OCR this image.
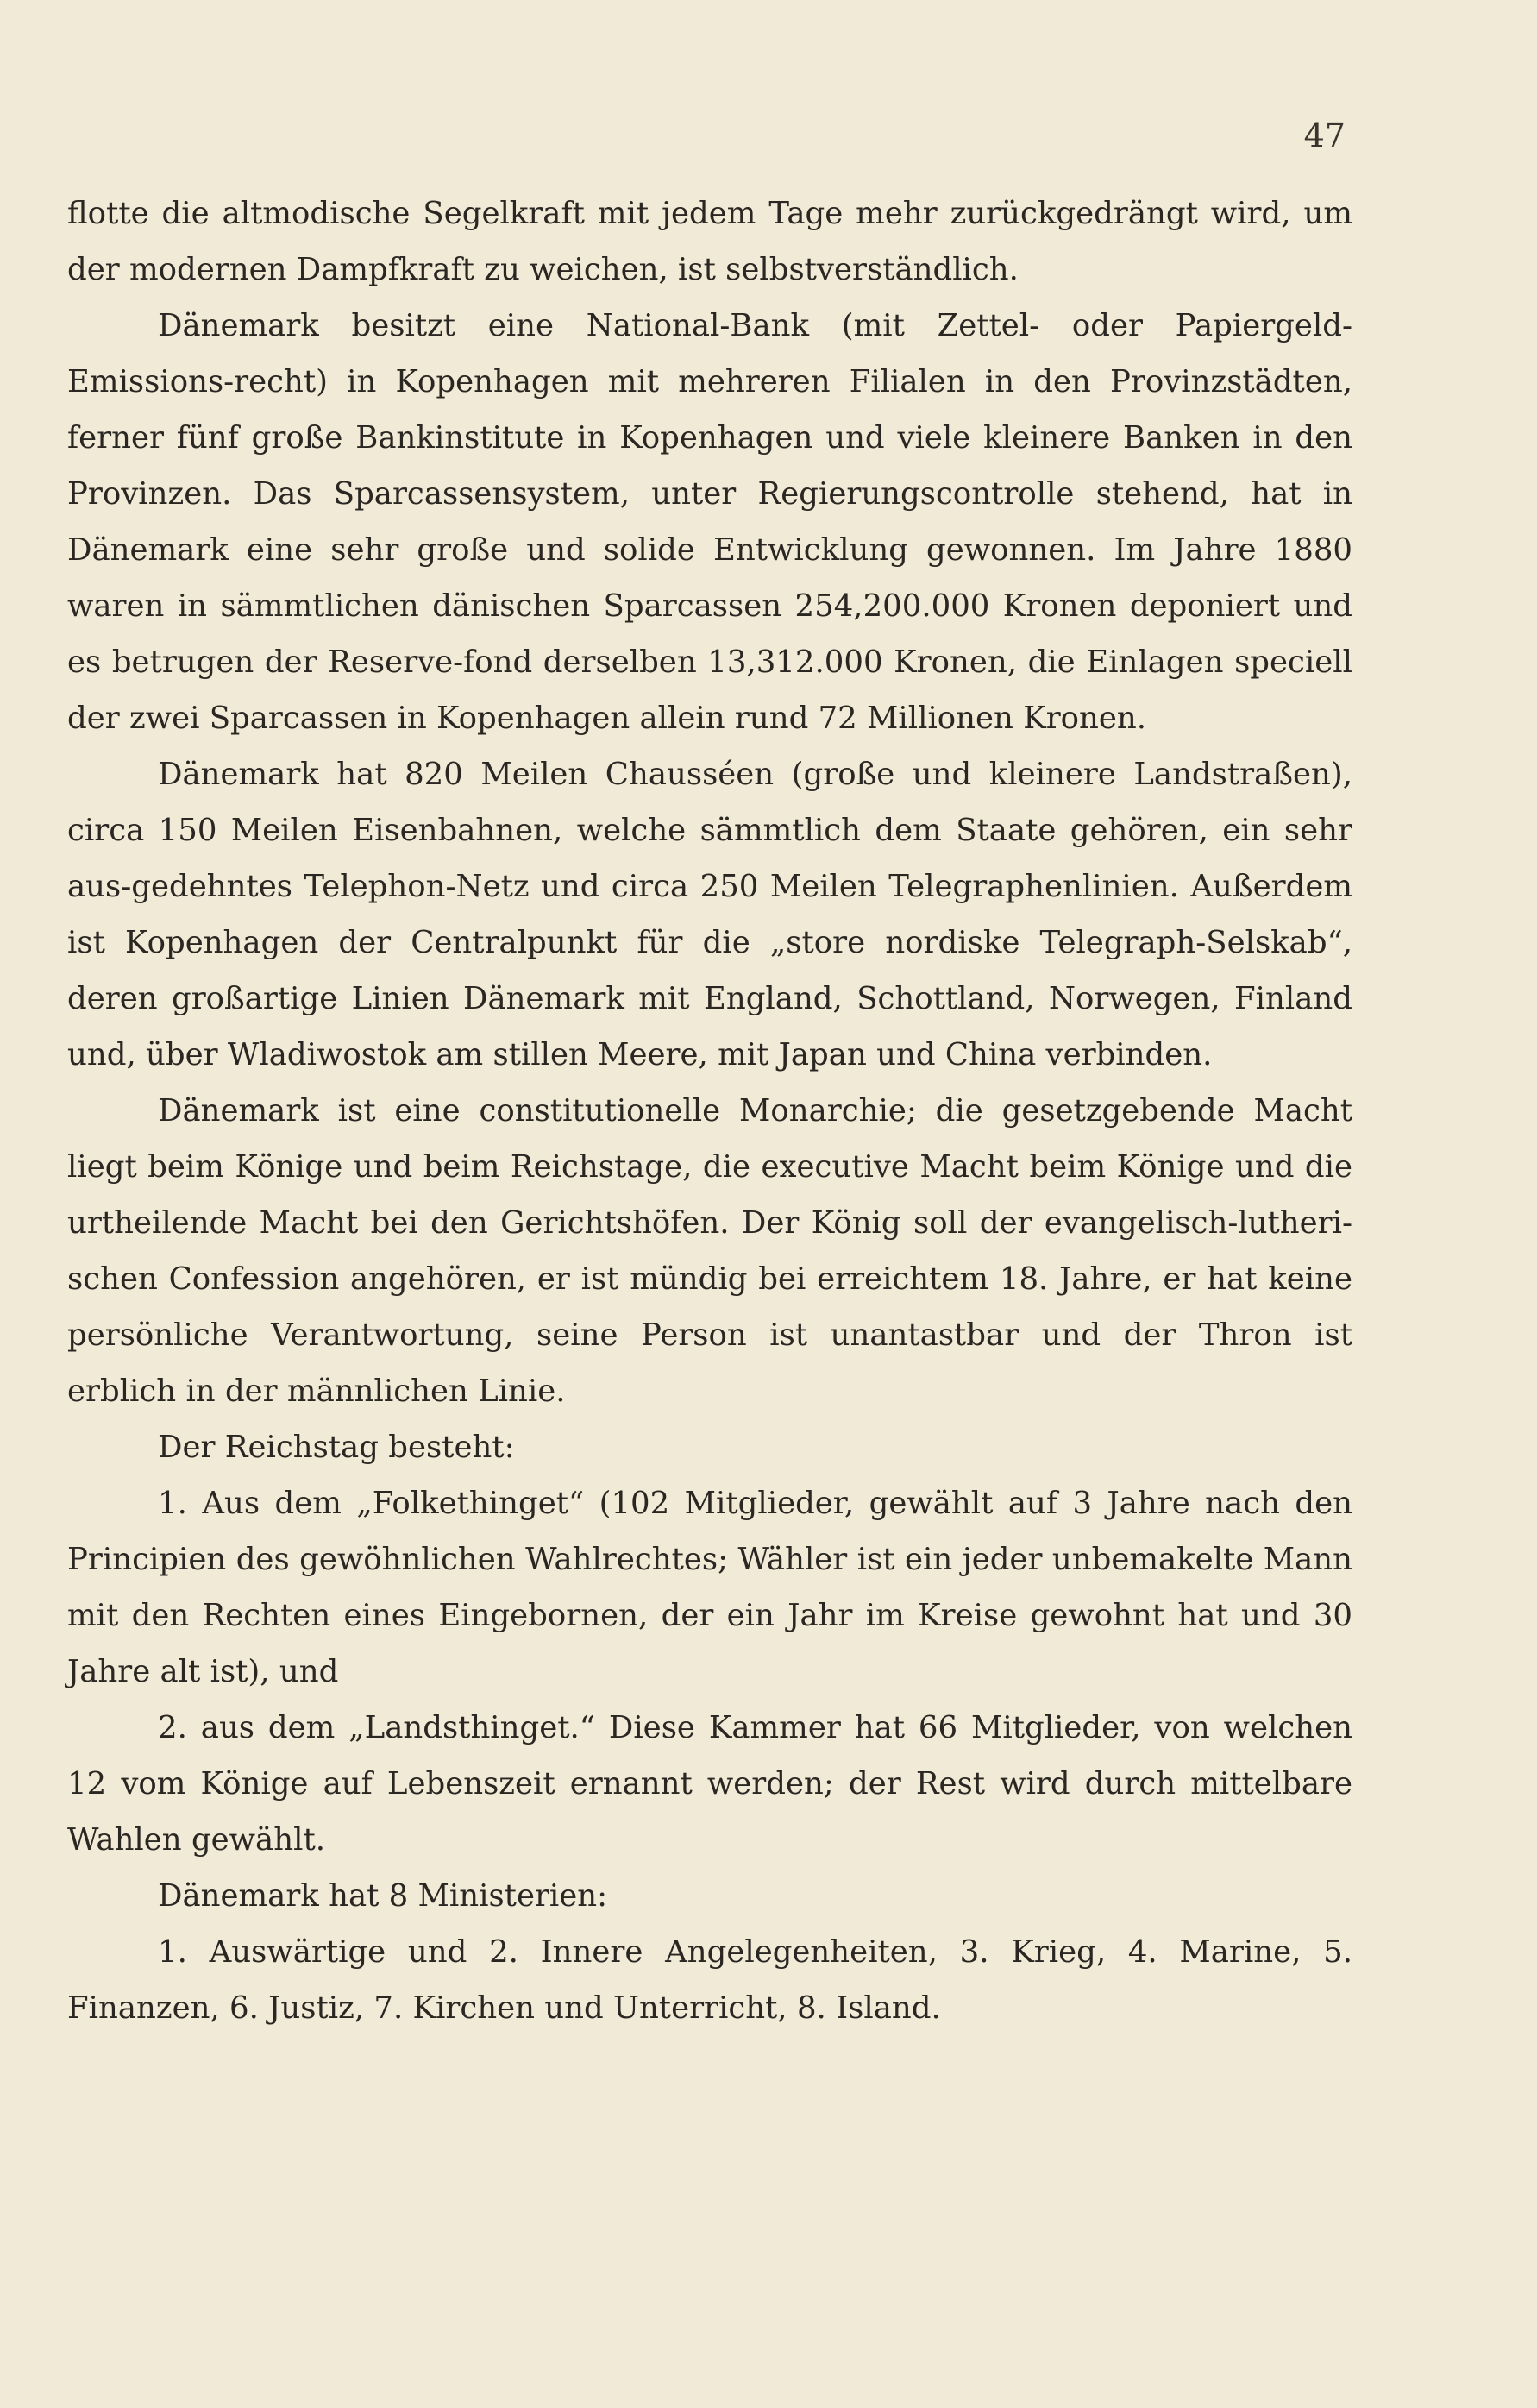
47

flotte die altmodische Segelkraft mit jedem Tage mehr zurückgedrängt wird, um der modernen Dampfkraft zu weichen, ist selbstverständlich.

Dänemark besitzt eine National-Bank (mit Zettel- oder Papiergeld-Emissions-recht) in Kopenhagen mit mehreren Filialen in den Provinzstädten, ferner fünf große Bankinstitute in Kopenhagen und viele kleinere Banken in den Provinzen. Das Sparcassensystem, unter Regierungscontrolle stehend, hat in Dänemark eine sehr große und solide Entwicklung gewonnen. Im Jahre 1880 waren in sämmtlichen dänischen Sparcassen 254,200.000 Kronen deponiert und es betrugen der Reserve-fond derselben 13,312.000 Kronen, die Einlagen speciell der zwei Sparcassen in Kopenhagen allein rund 72 Millionen Kronen.

Dänemark hat 820 Meilen Chausséen (große und kleinere Landstraßen), circa 150 Meilen Eisenbahnen, welche sämmtlich dem Staate gehören, ein sehr aus-gedehntes Telephon-Netz und circa 250 Meilen Telegraphenlinien. Außerdem ist Kopenhagen der Centralpunkt für die „store nordiske Telegraph-Selskab“, deren großartige Linien Dänemark mit England, Schottland, Norwegen, Finland und, über Wladiwostok am stillen Meere, mit Japan und China verbinden.

Dänemark ist eine constitutionelle Monarchie; die gesetzgebende Macht liegt beim Könige und beim Reichstage, die executive Macht beim Könige und die urtheilende Macht bei den Gerichtshöfen. Der König soll der evangelisch-lutheri-schen Confession angehören, er ist mündig bei erreichtem 18. Jahre, er hat keine persönliche Verantwortung, seine Person ist unantastbar und der Thron ist erblich in der männlichen Linie.

Der Reichstag besteht:

1. Aus dem „Folkethinget“ (102 Mitglieder, gewählt auf 3 Jahre nach den Principien des gewöhnlichen Wahlrechtes; Wähler ist ein jeder unbemakelte Mann mit den Rechten eines Eingebornen, der ein Jahr im Kreise gewohnt hat und 30 Jahre alt ist), und

2. aus dem „Landsthinget.“ Diese Kammer hat 66 Mitglieder, von welchen 12 vom Könige auf Lebenszeit ernannt werden; der Rest wird durch mittelbare Wahlen gewählt.

Dänemark hat 8 Ministerien:

1. Auswärtige und 2. Innere Angelegenheiten, 3. Krieg, 4. Marine, 5. Finanzen, 6. Justiz, 7. Kirchen und Unterricht, 8. Island.
